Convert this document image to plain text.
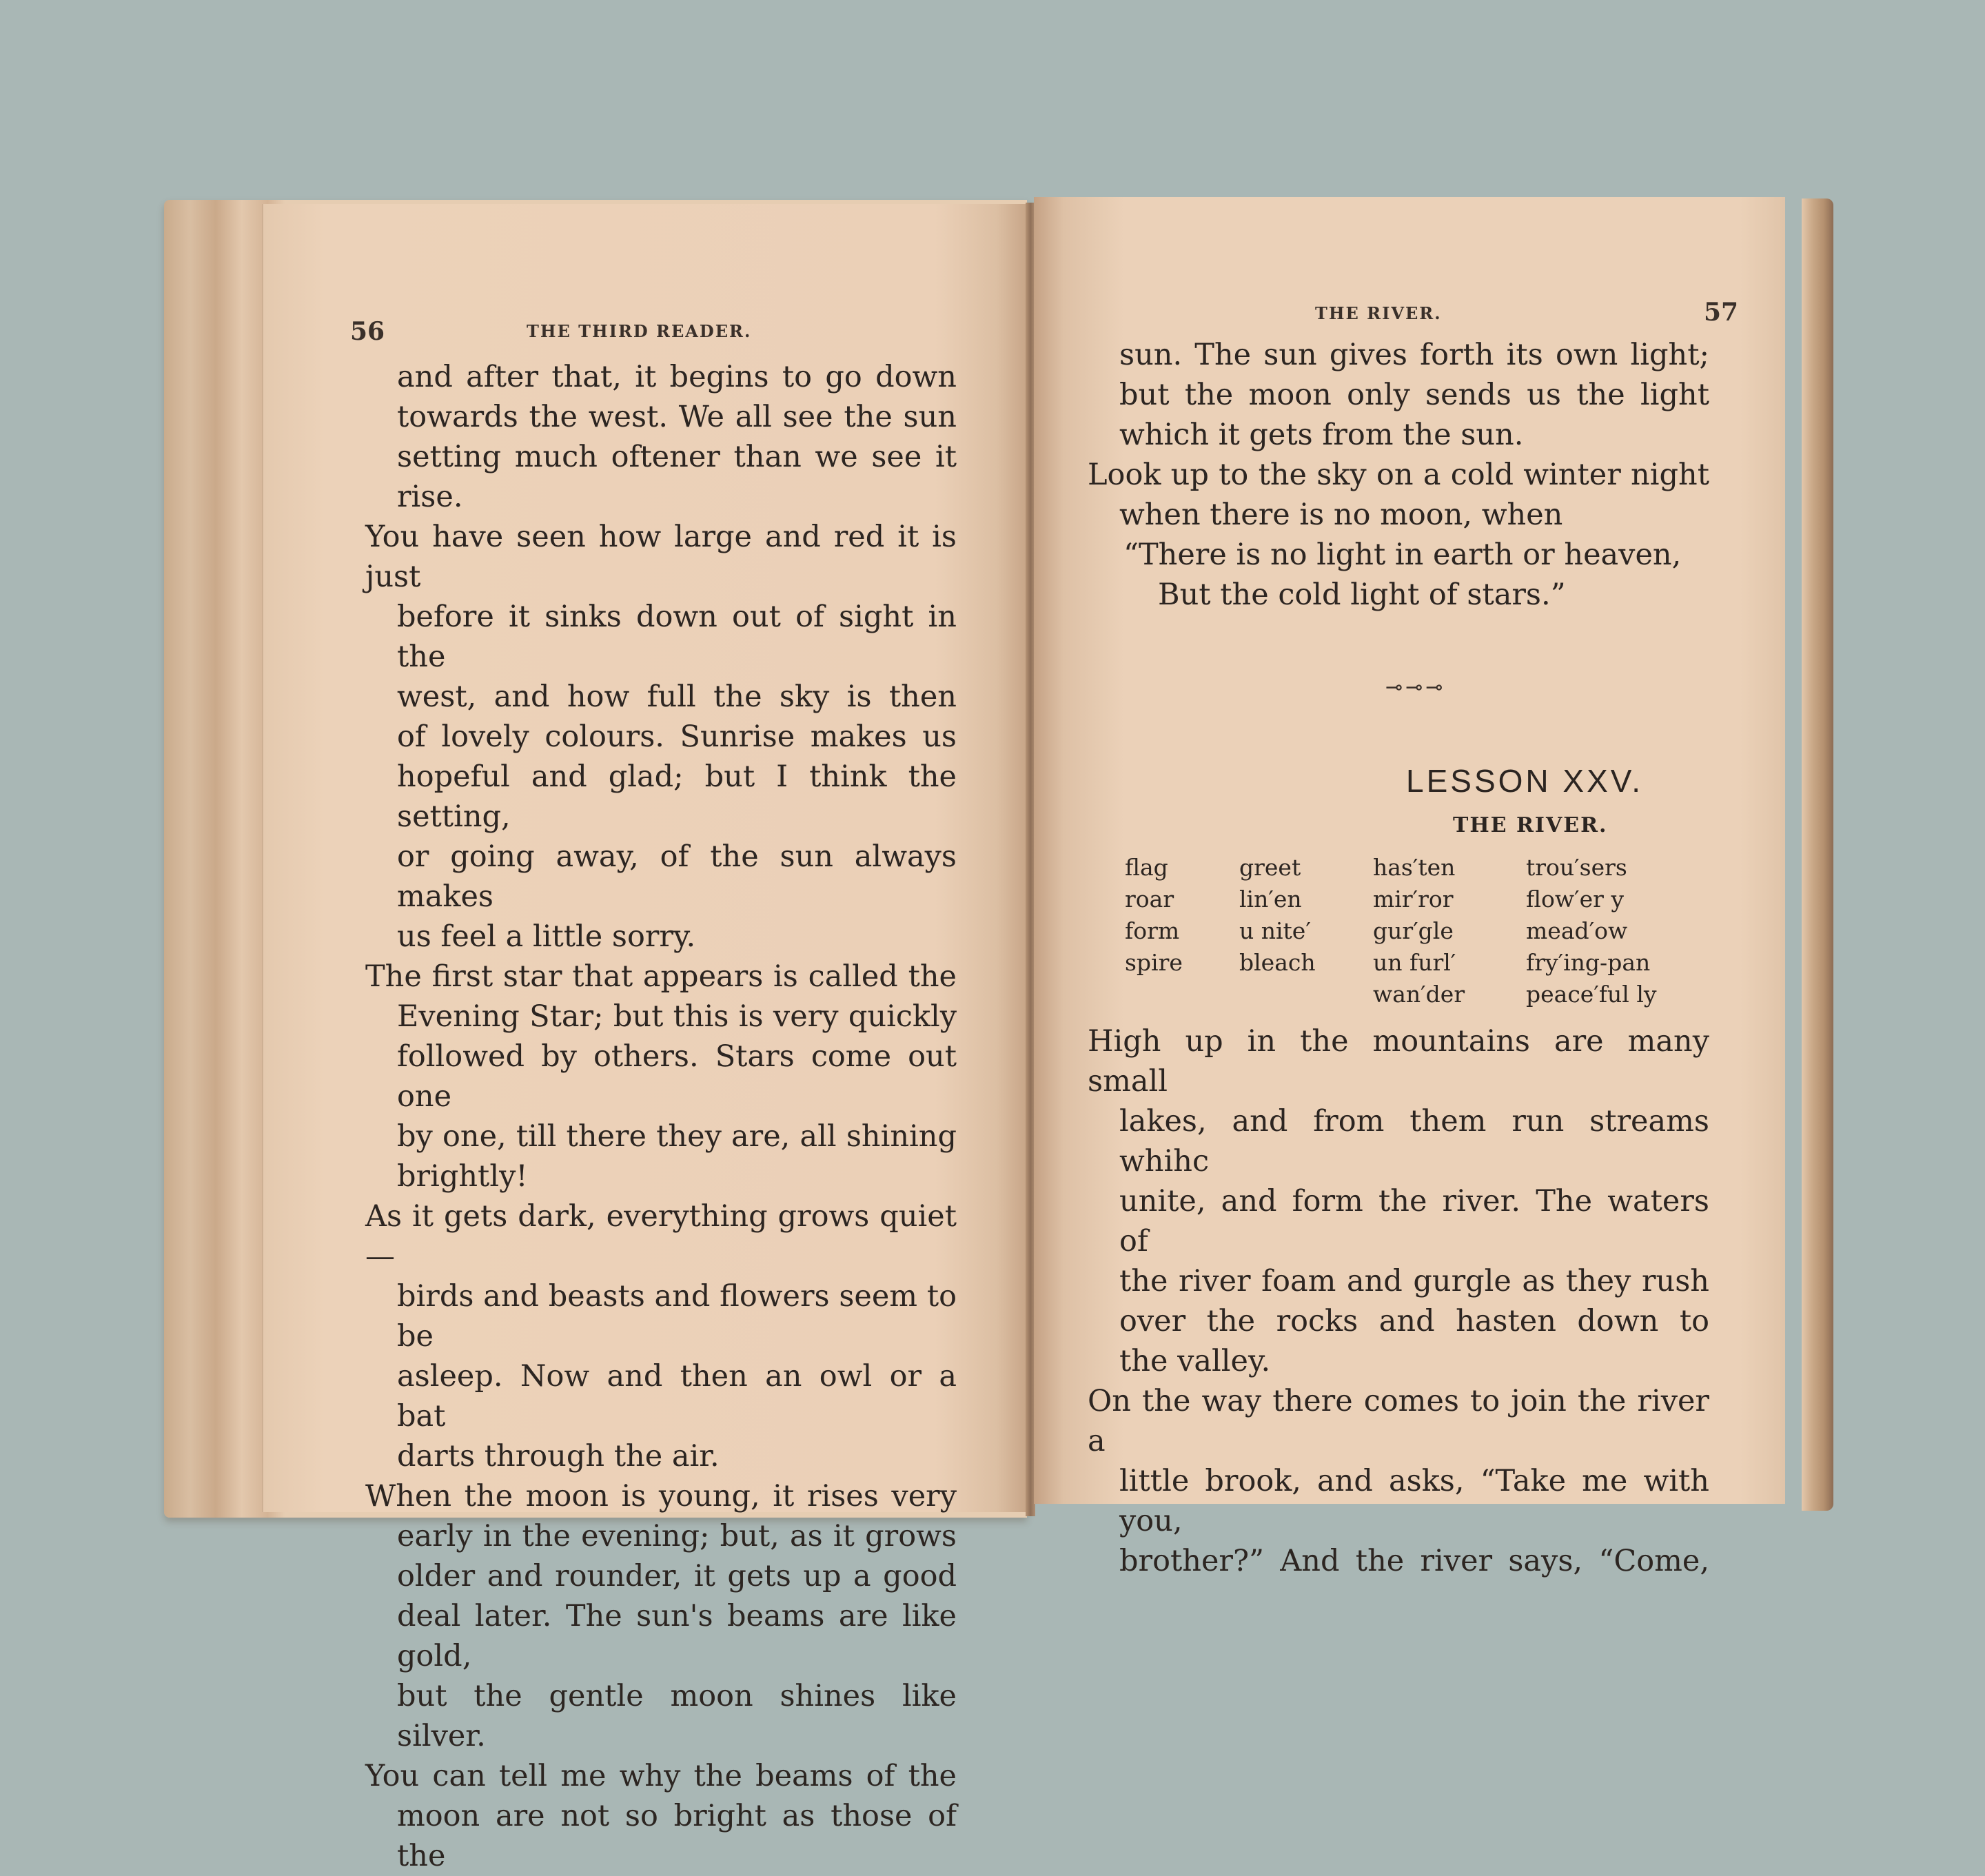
56	THE THIRD READER.
and after that, it begins to go down
towards the west. We all see the sun
setting much oftener than we see it rise.
You have seen how large and red it is just
before it sinks down out of sight in the
west, and how full the sky is then
of lovely colours. Sunrise makes us
hopeful and glad; but I think the setting,
or going away, of the sun always makes
us feel a little sorry.
The first star that appears is called the
Evening Star; but this is very quickly
followed by others. Stars come out one
by one, till there they are, all shining
brightly!
As it gets dark, everything grows quiet—
birds and beasts and flowers seem to be
asleep. Now and then an owl or a bat
darts through the air.
When the moon is young, it rises very
early in the evening; but, as it grows
older and rounder, it gets up a good
deal later. The sun's beams are like gold,
but the gentle moon shines like silver.
You can tell me why the beams of the
moon are not so bright as those of the
THE RIVER.	57
sun. The sun gives forth its own light;
but the moon only sends us the light
which it gets from the sun.
Look up to the sky on a cold winter night
when there is no moon, when
“There is no light in earth or heaven,
But the cold light of stars.”
⊸⊸⊸
LESSON XXV.
THE RIVER.
flag
roar
form
spire
greet
lin′en
u nite′
bleach
has′ten
mir′ror
gur′gle
un furl′
wan′der
trou′sers
flow′er y
mead′ow
fry′ing-pan
peace′ful ly
High up in the mountains are many small
lakes, and from them run streams whihc
unite, and form the river. The waters of
the river foam and gurgle as they rush
over the rocks and hasten down to
the valley.
On the way there comes to join the river a
little brook, and asks, “Take me with you,
brother?” And the river says, “Come,
